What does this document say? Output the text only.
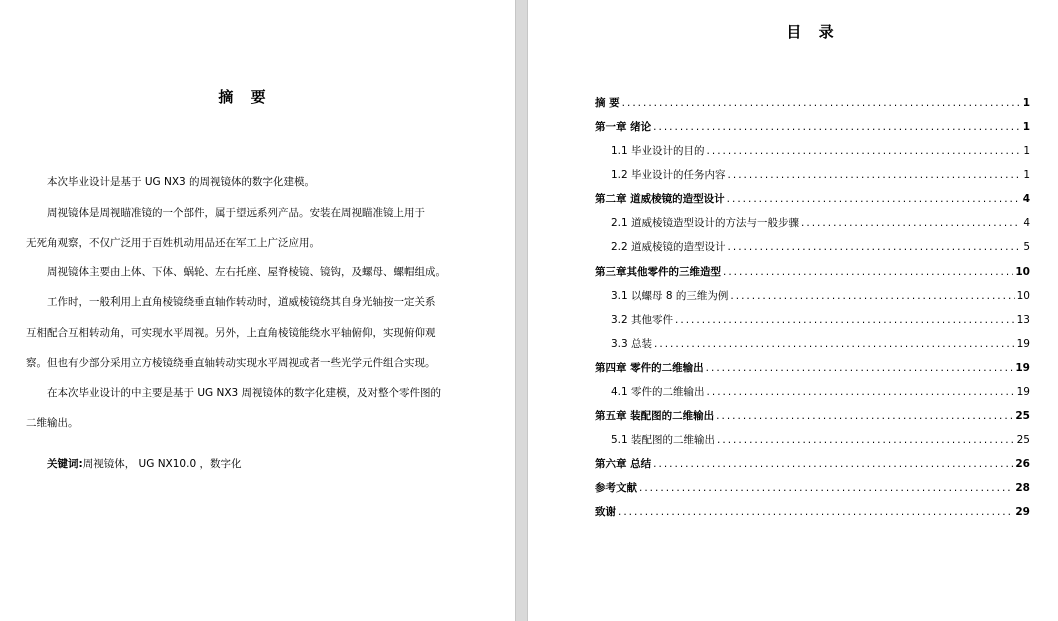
摘 要
本次毕业设计是基于 UG NX3 的周视镜体的数字化建模。
周视镜体是周视瞄准镜的一个部件，属于望远系列产品。安装在周视瞄准镜上用于
无死角观察，不仅广泛用于百姓机动用品还在军工上广泛应用。
周视镜体主要由上体、下体、蜗轮、左右托座、屋脊棱镜、镜钩，及螺母、螺帽组成。
工作时，一般利用上直角棱镜绕垂直轴作转动时，道威棱镜绕其自身光轴按一定关系
互相配合互相转动角，可实现水平周视。另外，上直角棱镜能绕水平轴俯仰，实现俯仰观
察。但也有少部分采用立方棱镜绕垂直轴转动实现水平周视或者一些光学元件组合实现。
在本次毕业设计的中主要是基于 UG NX3 周视镜体的数字化建模，及对整个零件图的
二维输出。
关键词:周视镜体， UG NX10.0 ，数字化
目 录
摘 要 .....	1
第一章 绪论 .....	1
1.1 毕业设计的目的 .....	1
1.2 毕业设计的任务内容 .....	1
第二章 道威棱镜的造型设计 .....	4
2.1 道威棱镜造型设计的方法与一般步骤 .....	4
2.2 道威棱镜的造型设计 .....	5
第三章其他零件的三维造型 .....	10
3.1 以螺母 8 的三维为例 .....	10
3.2 其他零件 .....	13
3.3 总装 .....	19
第四章 零件的二维输出 .....	19
4.1 零件的二维输出 .....	19
第五章 装配图的二维输出 .....	25
5.1 装配图的二维输出 .....	25
第六章 总结 .....	26
参考文献 .....	28
致谢 .....	29
